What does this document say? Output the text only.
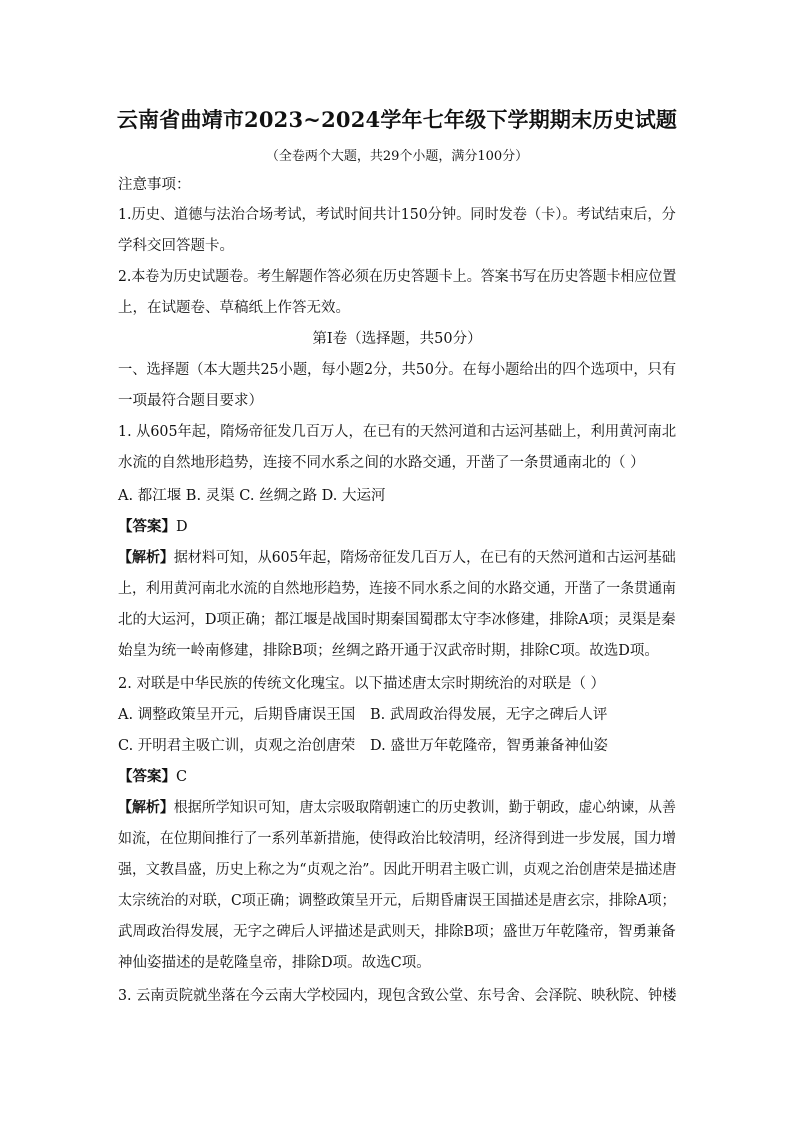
云南省曲靖市2023~2024学年七年级下学期期末历史试题
（全卷两个大题，共29个小题，满分100分）
注意事项：
1.历史、道德与法治合场考试，考试时间共计150分钟。同时发卷（卡）。考试结束后，分
学科交回答题卡。
2.本卷为历史试题卷。考生解题作答必须在历史答题卡上。答案书写在历史答题卡相应位置
上，在试题卷、草稿纸上作答无效。
第Ⅰ卷（选择题，共50分）
一、选择题（本大题共25小题，每小题2分，共50分。在每小题给出的四个选项中，只有
一项最符合题目要求）
1. 从605年起，隋炀帝征发几百万人，在已有的天然河道和古运河基础上，利用黄河南北
水流的自然地形趋势，连接不同水系之间的水路交通，开凿了一条贯通南北的（ ）
A. 都江堰 B. 灵渠 C. 丝绸之路 D. 大运河
【答案】D
【解析】据材料可知，从605年起，隋炀帝征发几百万人，在已有的天然河道和古运河基础
上，利用黄河南北水流的自然地形趋势，连接不同水系之间的水路交通，开凿了一条贯通南
北的大运河，D项正确；都江堰是战国时期秦国蜀郡太守李冰修建，排除A项；灵渠是秦
始皇为统一岭南修建，排除B项；丝绸之路开通于汉武帝时期，排除C项。故选D项。
2. 对联是中华民族的传统文化瑰宝。以下描述唐太宗时期统治的对联是（ ）
A. 调整政策呈开元，后期昏庸误王国 B. 武周政治得发展，无字之碑后人评
C. 开明君主吸亡训，贞观之治创唐荣 D. 盛世万年乾隆帝，智勇兼备神仙姿
【答案】C
【解析】根据所学知识可知，唐太宗吸取隋朝速亡的历史教训，勤于朝政，虚心纳谏，从善
如流，在位期间推行了一系列革新措施，使得政治比较清明，经济得到进一步发展，国力增
强，文教昌盛，历史上称之为“贞观之治”。因此开明君主吸亡训，贞观之治创唐荣是描述唐
太宗统治的对联，C项正确；调整政策呈开元，后期昏庸误王国描述是唐玄宗，排除A项；
武周政治得发展，无字之碑后人评描述是武则天，排除B项；盛世万年乾隆帝，智勇兼备
神仙姿描述的是乾隆皇帝，排除D项。故选C项。
3. 云南贡院就坐落在今云南大学校园内，现包含致公堂、东号舍、会泽院、映秋院、钟楼
